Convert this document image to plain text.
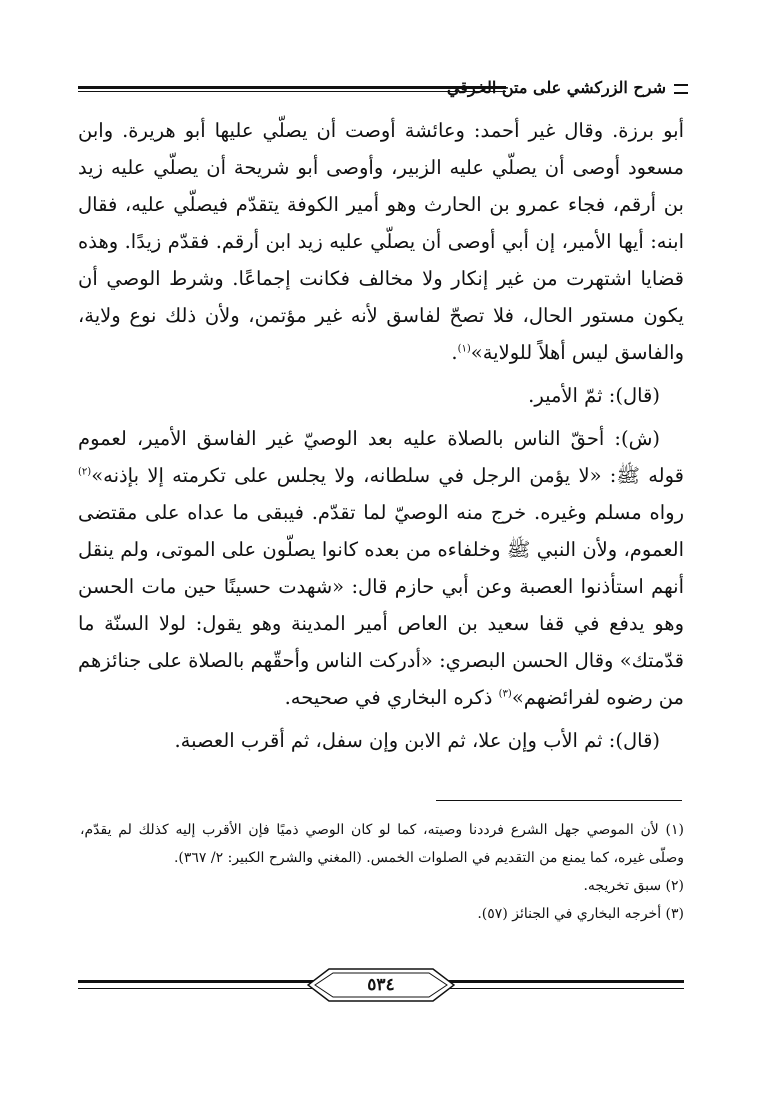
شرح الزركشي على متن الخرقي

أبو برزة. وقال غير أحمد: وعائشة أوصت أن يصلّي عليها أبو هريرة. وابن مسعود أوصى أن يصلّي عليه الزبير، وأوصى أبو شريحة أن يصلّي عليه زيد بن أرقم، فجاء عمرو بن الحارث وهو أمير الكوفة يتقدّم فيصلّي عليه، فقال ابنه: أيها الأمير، إن أبي أوصى أن يصلّي عليه زيد ابن أرقم. فقدّم زيدًا. وهذه قضايا اشتهرت من غير إنكار ولا مخالف فكانت إجماعًا. وشرط الوصي أن يكون مستور الحال، فلا تصحّ لفاسق لأنه غير مؤتمن، ولأن ذلك نوع ولاية، والفاسق ليس أهلاً للولاية»$^{(١)}$.

(قال): ثمّ الأمير.

(ش): أحقّ الناس بالصلاة عليه بعد الوصيّ غير الفاسق الأمير، لعموم قوله ﷺ: «لا يؤمن الرجل في سلطانه، ولا يجلس على تكرمته إلا بإذنه»$^{(٢)}$ رواه مسلم وغيره. خرج منه الوصيّ لما تقدّم. فيبقى ما عداه على مقتضى العموم، ولأن النبي ﷺ وخلفاءه من بعده كانوا يصلّون على الموتى، ولم ينقل أنهم استأذنوا العصبة وعن أبي حازم قال: «شهدت حسينًا حين مات الحسن وهو يدفع في قفا سعيد بن العاص أمير المدينة وهو يقول: لولا السنّة ما قدّمتك» وقال الحسن البصري: «أدركت الناس وأحقّهم بالصلاة على جنائزهم من رضوه لفرائضهم»$^{(٣)}$ ذكره البخاري في صحيحه.

(قال): ثم الأب وإن علا، ثم الابن وإن سفل، ثم أقرب العصبة.

(١) لأن الموصي جهل الشرع فرددنا وصيته، كما لو كان الوصي ذميًا فإن الأقرب إليه كذلك لم يقدّم، وصلّى غيره، كما يمنع من التقديم في الصلوات الخمس. (المغني والشرح الكبير: ٢/ ٣٦٧).

(٢) سبق تخريجه.

(٣) أخرجه البخاري في الجنائز (٥٧).

٥٣٤
